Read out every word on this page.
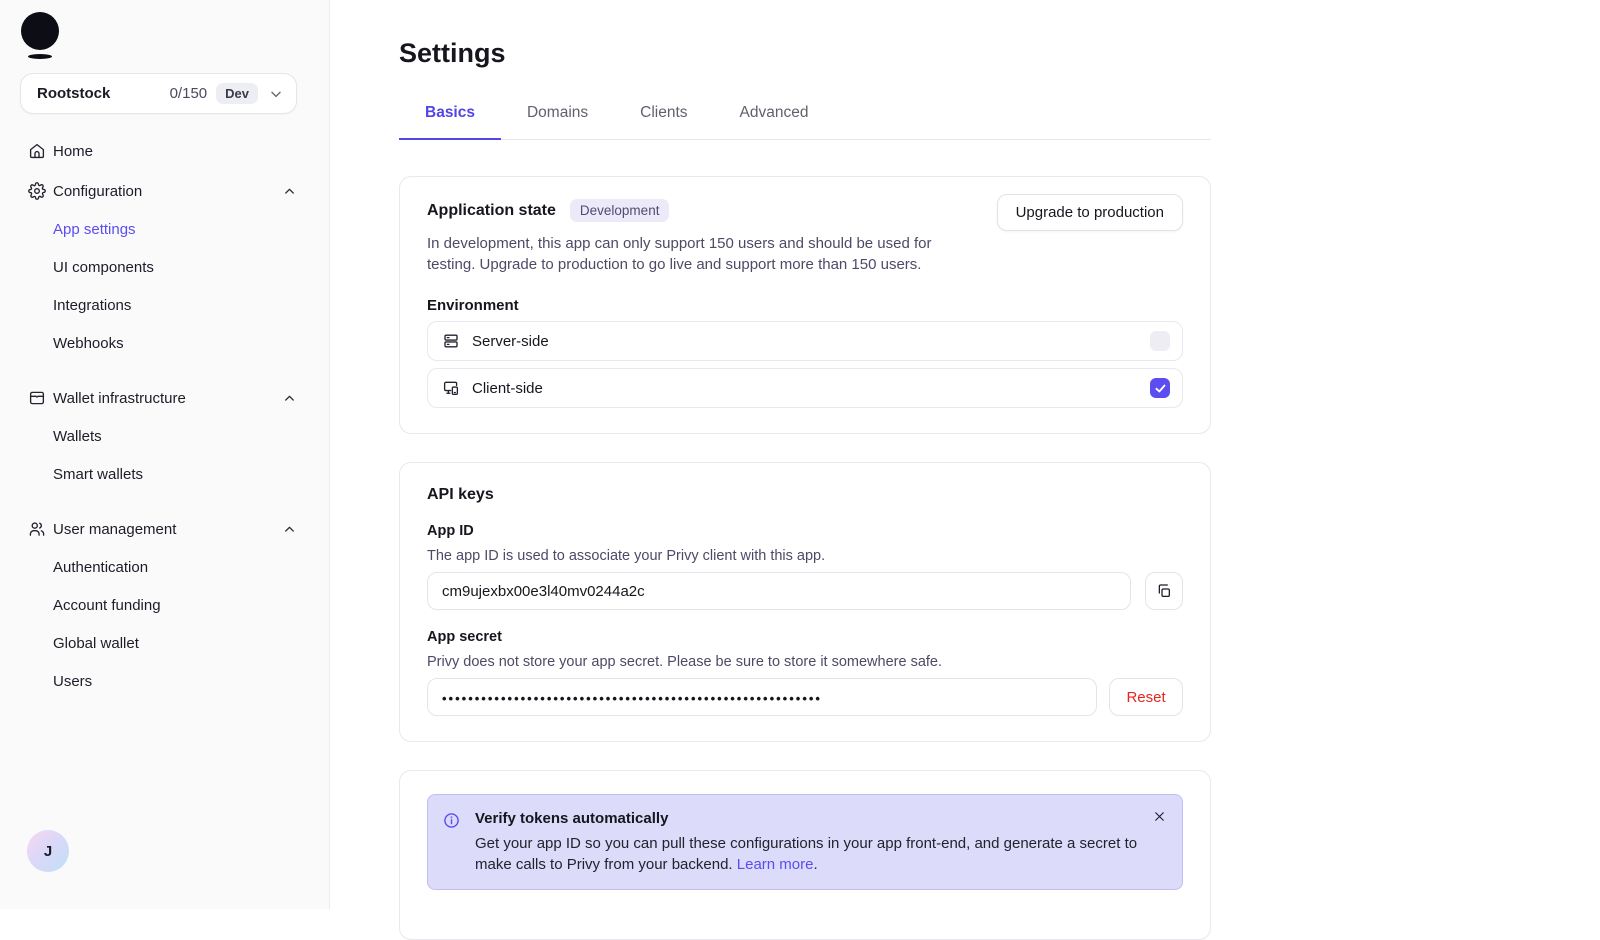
Rootstock	0/150	Dev
Home
Configuration
App settings
UI components
Integrations
Webhooks
Wallet infrastructure
Wallets
Smart wallets
User management
Authentication
Account funding
Global wallet
Users
J
Settings
Basics	Domains	Clients	Advanced
Application state	Development	Upgrade to production

In development, this app can only support 150 users and should be used for testing. Upgrade to production to go live and support more than 150 users.

Environment
Server-side
Client-side
API keys
App ID
The app ID is used to associate your Privy client with this app.
cm9ujexbx00e3l40mv0244a2c
App secret
Privy does not store your app secret. Please be sure to store it somewhere safe.
••••••••••••••••••••••••••••••••••••••••••••••••••••••••••
Reset
Verify tokens automatically
Get your app ID so you can pull these configurations in your app front-end, and generate a secret to make calls to Privy from your backend. Learn more.
